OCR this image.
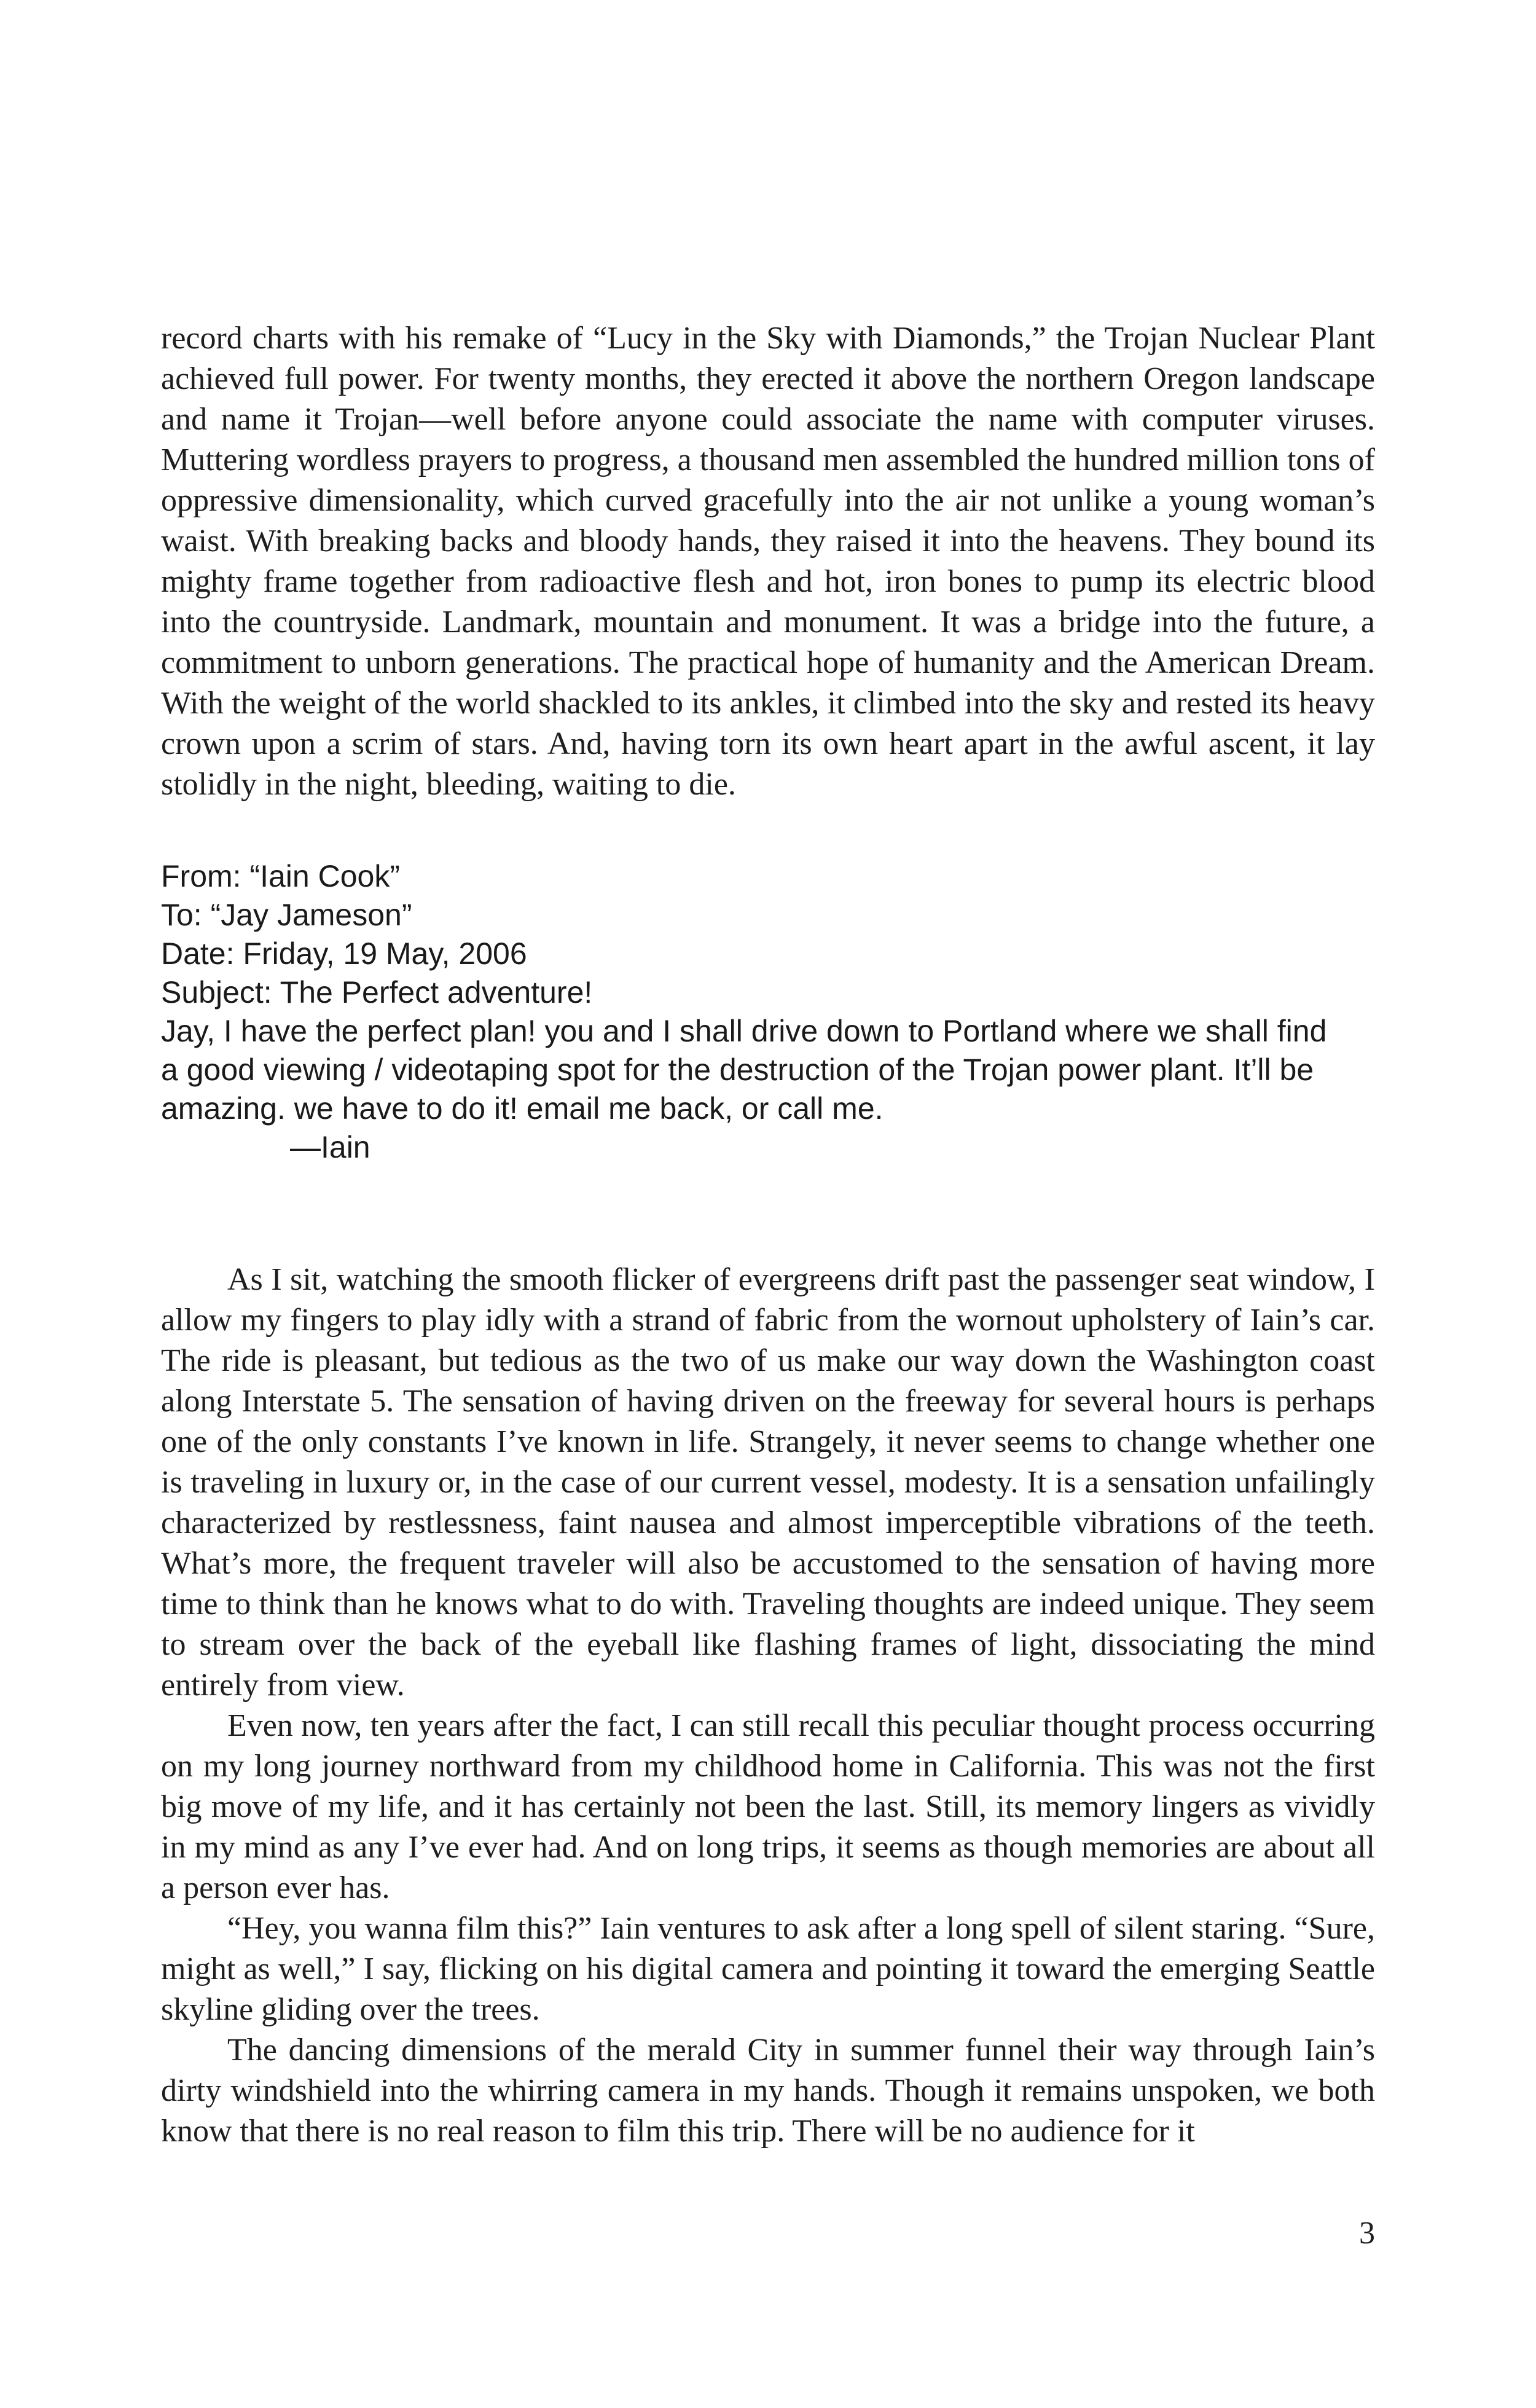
record charts with his remake of “Lucy in the Sky with Diamonds,” the Trojan Nuclear Plant achieved full power. For twenty months, they erected it above the northern Oregon landscape and name it Trojan—well before anyone could associate the name with computer viruses. Muttering wordless prayers to progress, a thousand men assembled the hundred million tons of oppressive dimensionality, which curved gracefully into the air not unlike a young woman’s waist. With breaking backs and bloody hands, they raised it into the heavens. They bound its mighty frame together from radioactive flesh and hot, iron bones to pump its electric blood into the countryside. Landmark, mountain and monument. It was a bridge into the future, a commitment to unborn generations. The practical hope of humanity and the American Dream. With the weight of the world shackled to its ankles, it climbed into the sky and rested its heavy crown upon a scrim of stars. And, having torn its own heart apart in the awful ascent, it lay stolidly in the night, bleeding, waiting to die.

From: “Iain Cook”

To: “Jay Jameson”

Date: Friday, 19 May, 2006

Subject: The Perfect adventure!

Jay, I have the perfect plan! you and I shall drive down to Portland where we shall find a good viewing / videotaping spot for the destruction of the Trojan power plant. It’ll be amazing. we have to do it! email me back, or call me.

—Iain

As I sit, watching the smooth flicker of evergreens drift past the passenger seat window, I allow my fingers to play idly with a strand of fabric from the wornout upholstery of Iain’s car. The ride is pleasant, but tedious as the two of us make our way down the Washington coast along Interstate 5. The sensation of having driven on the freeway for several hours is perhaps one of the only constants I’ve known in life. Strangely, it never seems to change whether one is traveling in luxury or, in the case of our current vessel, modesty. It is a sensation unfailingly characterized by restlessness, faint nausea and almost imperceptible vibrations of the teeth. What’s more, the frequent traveler will also be accustomed to the sensation of having more time to think than he knows what to do with. Traveling thoughts are indeed unique. They seem to stream over the back of the eyeball like flashing frames of light, dissociating the mind entirely from view.

Even now, ten years after the fact, I can still recall this peculiar thought process occurring on my long journey northward from my childhood home in California. This was not the first big move of my life, and it has certainly not been the last. Still, its memory lingers as vividly in my mind as any I’ve ever had. And on long trips, it seems as though memories are about all a person ever has.

“Hey, you wanna film this?” Iain ventures to ask after a long spell of silent staring. “Sure, might as well,” I say, flicking on his digital camera and pointing it toward the emerging Seattle skyline gliding over the trees.

The dancing dimensions of the merald City in summer funnel their way through Iain’s dirty windshield into the whirring camera in my hands. Though it remains unspoken, we both know that there is no real reason to film this trip. There will be no audience for it

3
